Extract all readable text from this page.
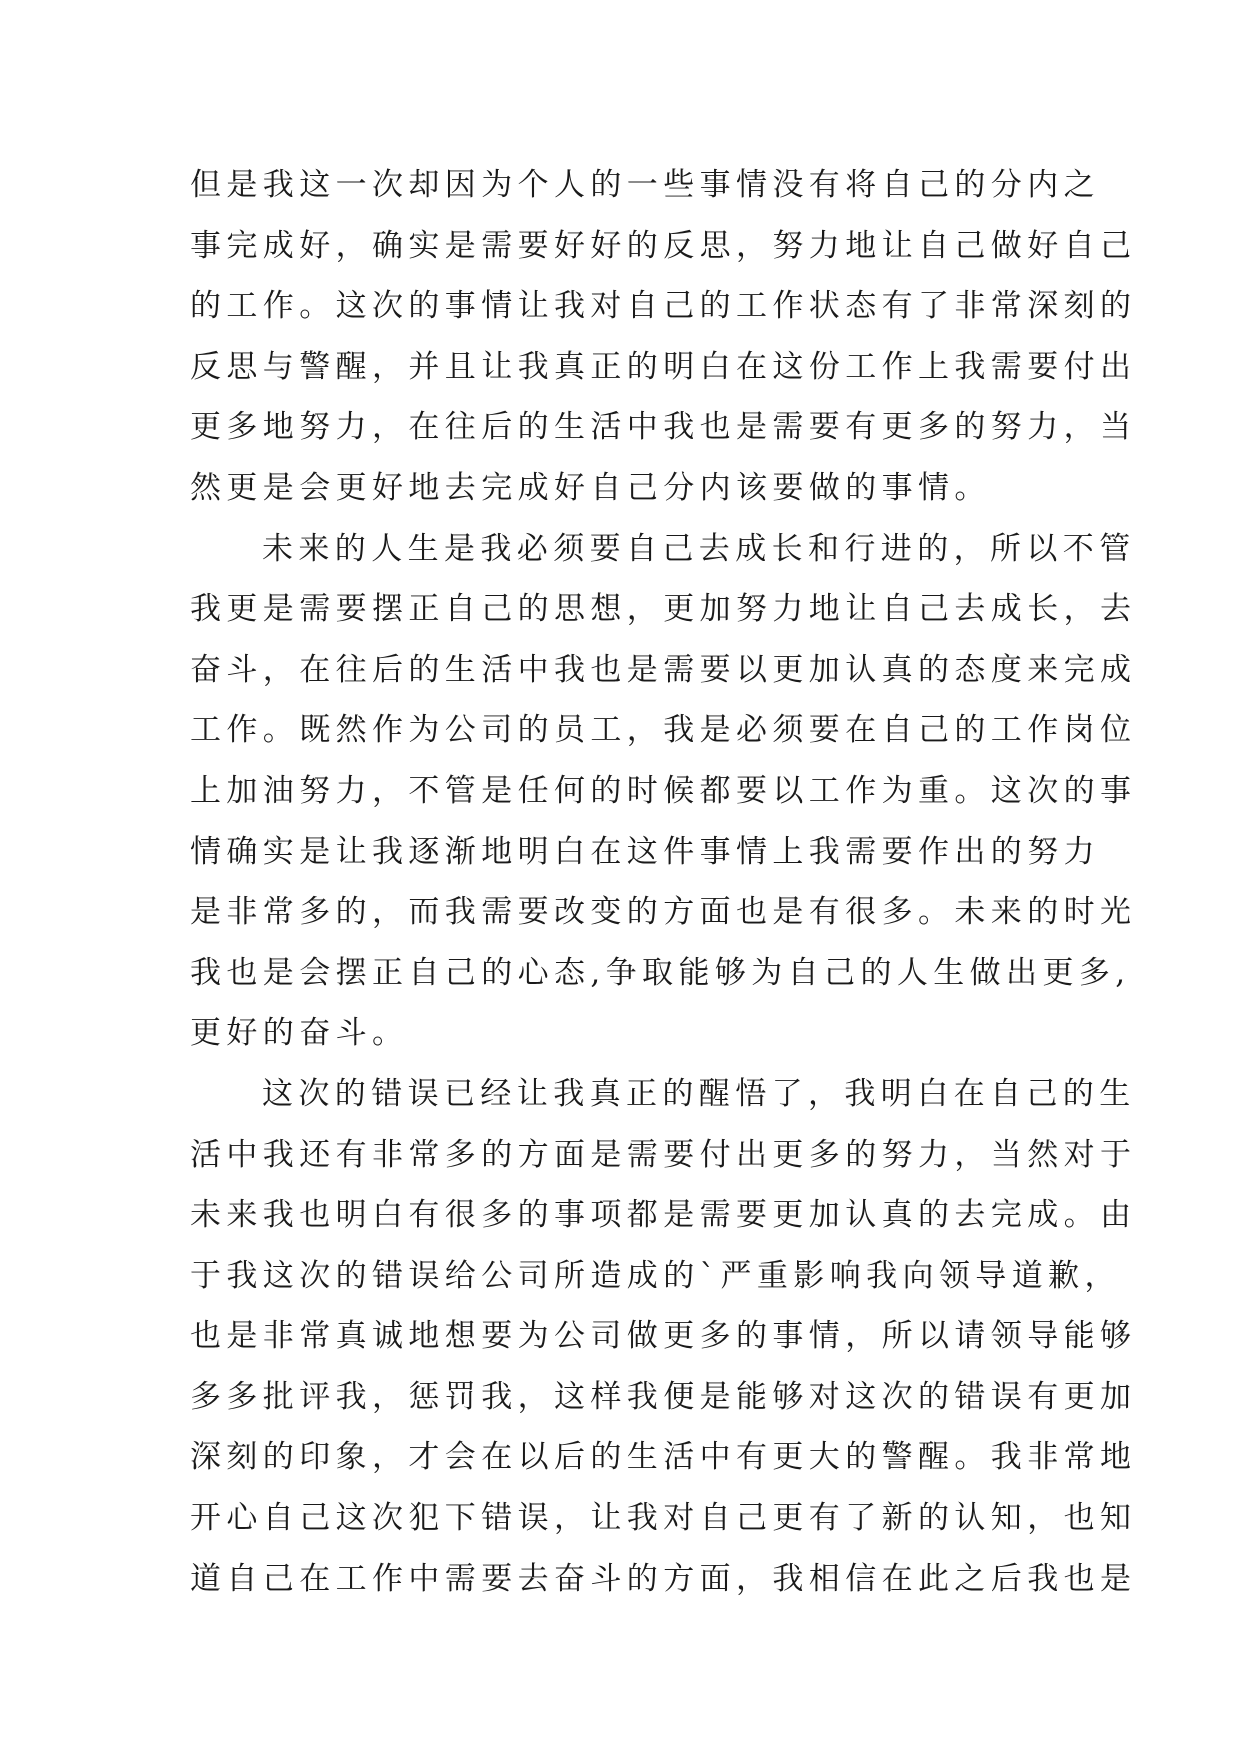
但是我这一次却因为个人的一些事情没有将自己的分内之
事完成好，确实是需要好好的反思，努力地让自己做好自己
的工作。这次的事情让我对自己的工作状态有了非常深刻的
反思与警醒，并且让我真正的明白在这份工作上我需要付出
更多地努力，在往后的生活中我也是需要有更多的努力，当
然更是会更好地去完成好自己分内该要做的事情。
未来的人生是我必须要自己去成长和行进的，所以不管
我更是需要摆正自己的思想，更加努力地让自己去成长，去
奋斗，在往后的生活中我也是需要以更加认真的态度来完成
工作。既然作为公司的员工，我是必须要在自己的工作岗位
上加油努力，不管是任何的时候都要以工作为重。这次的事
情确实是让我逐渐地明白在这件事情上我需要作出的努力
是非常多的，而我需要改变的方面也是有很多。未来的时光
我也是会摆正自己的心态,争取能够为自己的人生做出更多,
更好的奋斗。
这次的错误已经让我真正的醒悟了，我明白在自己的生
活中我还有非常多的方面是需要付出更多的努力，当然对于
未来我也明白有很多的事项都是需要更加认真的去完成。由
于我这次的错误给公司所造成的`严重影响我向领导道歉，
也是非常真诚地想要为公司做更多的事情，所以请领导能够
多多批评我，惩罚我，这样我便是能够对这次的错误有更加
深刻的印象，才会在以后的生活中有更大的警醒。我非常地
开心自己这次犯下错误，让我对自己更有了新的认知，也知
道自己在工作中需要去奋斗的方面，我相信在此之后我也是
